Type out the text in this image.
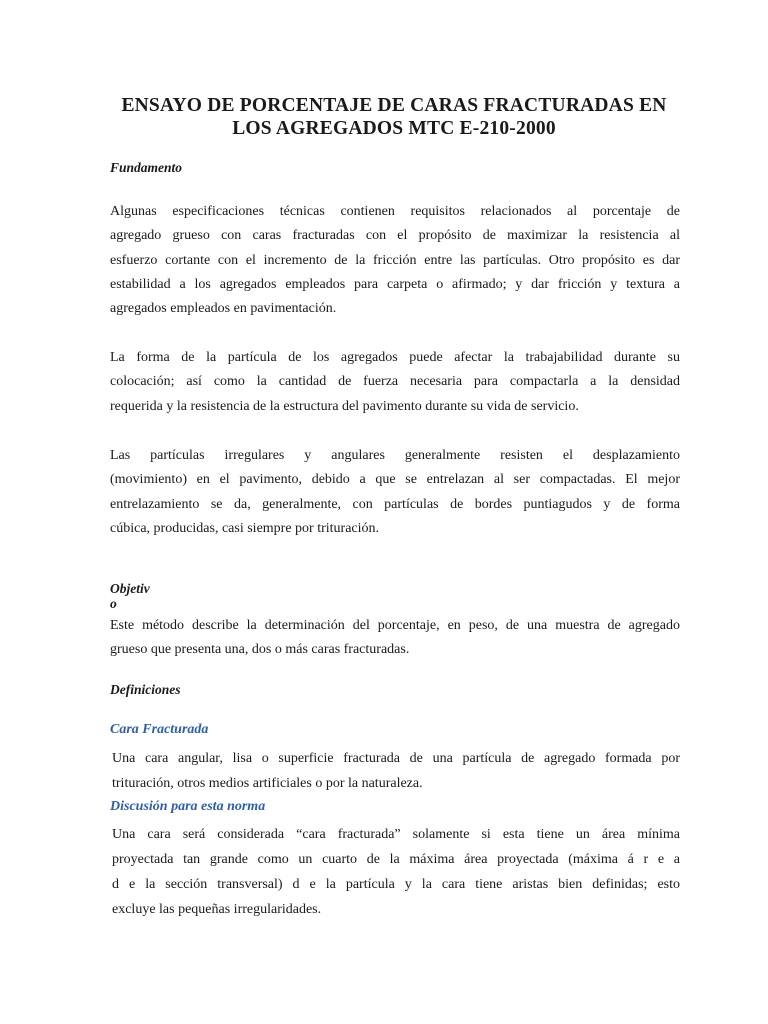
ENSAYO DE PORCENTAJE DE CARAS FRACTURADAS EN
LOS AGREGADOS MTC E-210-2000
Fundamento

Algunas especificaciones técnicas contienen requisitos relacionados al porcentaje de
agregado grueso con caras fracturadas con el propósito de maximizar la resistencia al
esfuerzo cortante con el incremento de la fricción entre las partículas. Otro propósito es dar
estabilidad a los agregados empleados para carpeta o afirmado; y dar fricción y textura a
agregados empleados en pavimentación.

La forma de la partícula de los agregados puede afectar la trabajabilidad durante su
colocación; así como la cantidad de fuerza necesaria para compactarla a la densidad
requerida y la resistencia de la estructura del pavimento durante su vida de servicio.

Las partículas irregulares y angulares generalmente resisten el desplazamiento
(movimiento) en el pavimento, debido a que se entrelazan al ser compactadas. El mejor
entrelazamiento se da, generalmente, con partículas de bordes puntiagudos y de forma
cúbica, producidas, casi siempre por trituración.

Objetiv
o

Este método describe la determinación del porcentaje, en peso, de una muestra de agregado
grueso que presenta una, dos o más caras fracturadas.

Definiciones
Cara Fracturada

Una cara angular, lisa o superficie fracturada de una partícula de agregado formada por
trituración, otros medios artificiales o por la naturaleza.

Discusión para esta norma

Una cara será considerada “cara fracturada” solamente si esta tiene un área mínima
proyectada tan grande como un cuarto de la máxima área proyectada (máxima á r e a
d e la sección transversal) d e la partícula y la cara tiene aristas bien definidas; esto
excluye las pequeñas irregularidades.
